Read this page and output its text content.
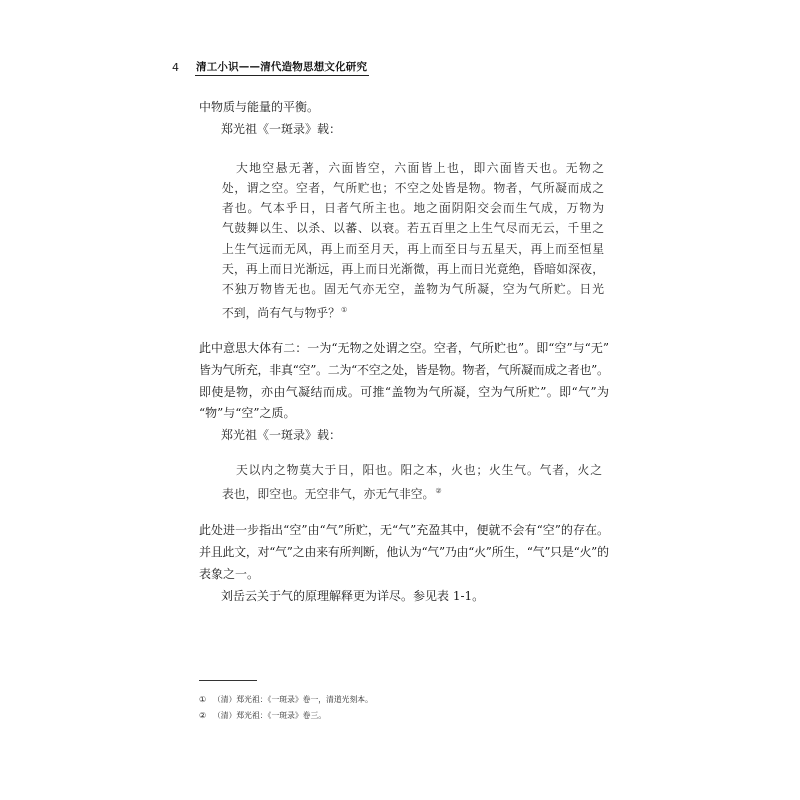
4 清工小识——清代造物思想文化研究
中物质与能量的平衡。
郑光祖《一斑录》载：
大地空悬无著，六面皆空，六面皆上也，即六面皆天也。无物之
处，谓之空。空者，气所贮也；不空之处皆是物。物者，气所凝而成之
者也。气本乎日，日者气所主也。地之面阴阳交会而生气成，万物为
气鼓舞以生、以杀、以蕃、以衰。若五百里之上生气尽而无云，千里之
上生气远而无风，再上而至月天，再上而至日与五星天，再上而至恒星
天，再上而日光渐远，再上而日光渐微，再上而日光竟绝，昏暗如深夜，
不独万物皆无也。固无气亦无空，盖物为气所凝，空为气所贮。日光
不到，尚有气与物乎？①
此中意思大体有二：一为“无物之处谓之空。空者，气所贮也”。即“空”与“无”
皆为气所充，非真“空”。二为“不空之处，皆是物。物者，气所凝而成之者也”。
即使是物，亦由气凝结而成。可推“盖物为气所凝，空为气所贮”。即“气”为
“物”与“空”之质。
郑光祖《一斑录》载：
天以内之物莫大于日，阳也。阳之本，火也；火生气。气者，火之
表也，即空也。无空非气，亦无气非空。②
此处进一步指出“空”由“气”所贮，无“气”充盈其中，便就不会有“空”的存在。
并且此文，对“气”之由来有所判断，他认为“气”乃由“火”所生，“气”只是“火”的
表象之一。
刘岳云关于气的原理解释更为详尽。参见表 1-1。
① （清）郑光祖：《一斑录》卷一，清道光刻本。
② （清）郑光祖：《一斑录》卷三。
